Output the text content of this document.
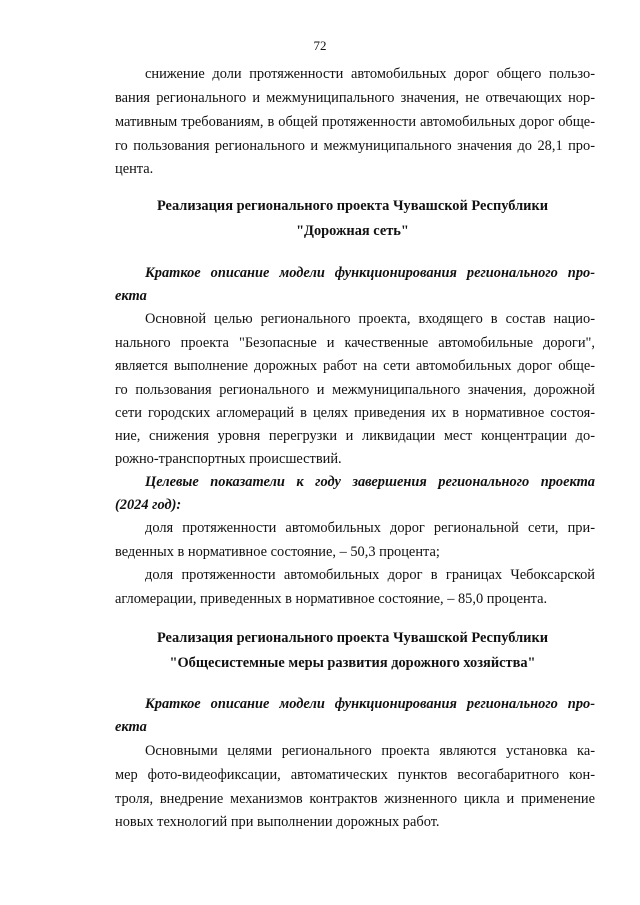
72
снижение доли протяженности автомобильных дорог общего пользо-
вания регионального и межмуниципального значения, не отвечающих нор-
мативным требованиям, в общей протяженности автомобильных дорог обще-
го пользования регионального и межмуниципального значения до 28,1 про-
цента.
Реализация регионального проекта Чувашской Республики
"Дорожная сеть"
Краткое описание модели функционирования регионального про-
екта
Основной целью регионального проекта, входящего в состав нацио-
нального проекта "Безопасные и качественные автомобильные дороги",
является выполнение дорожных работ на сети автомобильных дорог обще-
го пользования регионального и межмуниципального значения, дорожной
сети городских агломераций в целях приведения их в нормативное состоя-
ние, снижения уровня перегрузки и ликвидации мест концентрации до-
рожно-транспортных происшествий.
Целевые показатели к году завершения регионального проекта
(2024 год):
доля протяженности автомобильных дорог региональной сети, при-
веденных в нормативное состояние, – 50,3 процента;
доля протяженности автомобильных дорог в границах Чебоксарской
агломерации, приведенных в нормативное состояние, – 85,0 процента.
Реализация регионального проекта Чувашской Республики
"Общесистемные меры развития дорожного хозяйства"
Краткое описание модели функционирования регионального про-
екта
Основными целями регионального проекта являются установка ка-
мер фото-видеофиксации, автоматических пунктов весогабаритного кон-
троля, внедрение механизмов контрактов жизненного цикла и применение
новых технологий при выполнении дорожных работ.
